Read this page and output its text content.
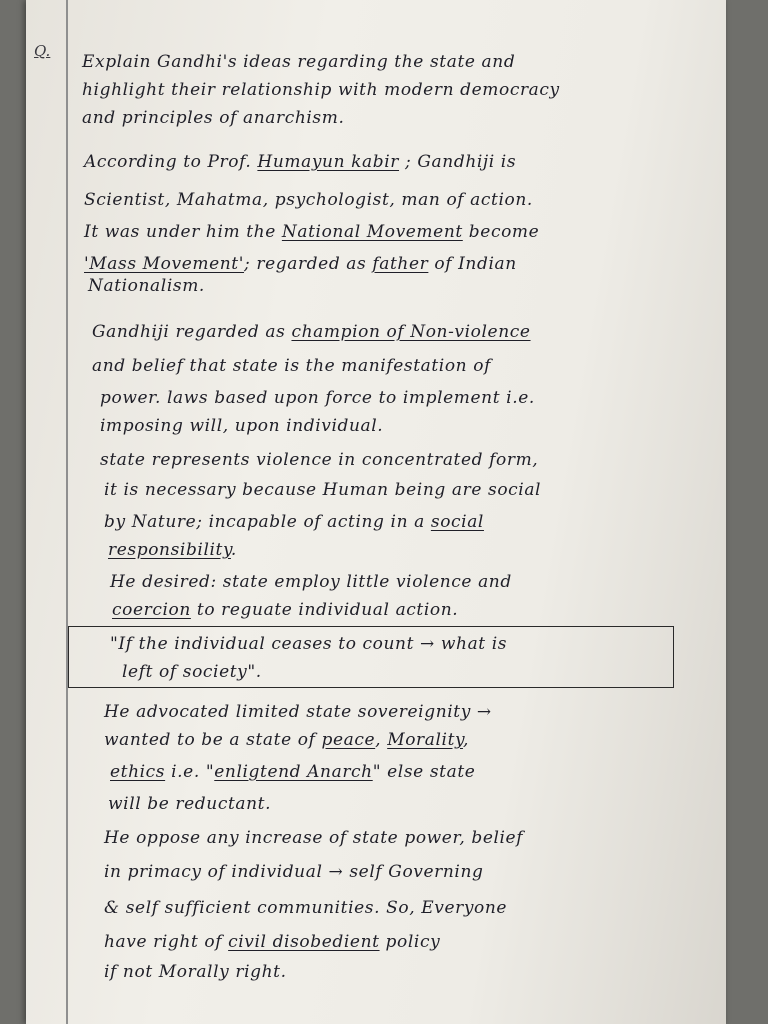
Q.
Explain Gandhi's ideas regarding the state and
highlight their relationship with modern democracy
and principles of anarchism.
According to Prof. Humayun kabir ; Gandhiji is
Scientist, Mahatma, psychologist, man of action.
It was under him the National Movement become
'Mass Movement'; regarded as father of Indian
Nationalism.
Gandhiji regarded as champion of Non-violence
and belief that state is the manifestation of
power. laws based upon force to implement i.e.
imposing will, upon individual.
state represents violence in concentrated form,
it is necessary because Human being are social
by Nature; incapable of acting in a social
responsibility.
He desired: state employ little violence and
coercion to reguate individual action.
"If the individual ceases to count → what is
left of society".
He advocated limited state sovereignity →
wanted to be a state of peace, Morality,
ethics i.e. "enligtend Anarch" else state
will be reductant.
He oppose any increase of state power, belief
in primacy of individual → self Governing
& self sufficient communities. So, Everyone
have right of civil disobedient policy
if not Morally right.
